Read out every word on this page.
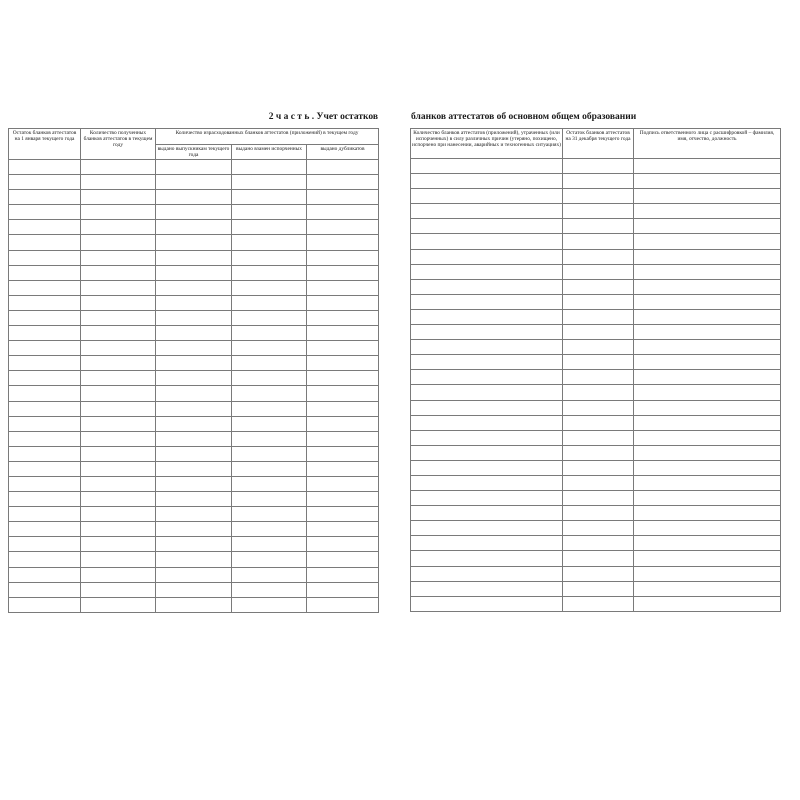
2 ч а с т ь . Учет остатков	бланков аттестатов об основном общем образовании
Остаток бланков аттестатов на 1 января текущего года	Количество полученных бланков аттестатов в текущем году	Количество израсходованных бланков аттестатов (приложений) в текущем году		
		выдано выпускникам текущего года	выдано взамен испорченных	выдано дубликатов

Количество бланков аттестатов (приложений), утраченных (или испорченных) в силу различных причин (утеряно, похищено, испорчено при нанесении, аварийных и техногенных ситуациях)	Остаток бланков аттестатов на 31 декабря текущего года	Подпись ответственного лица с расшифровкой – фамилия, имя, отчество, должность
